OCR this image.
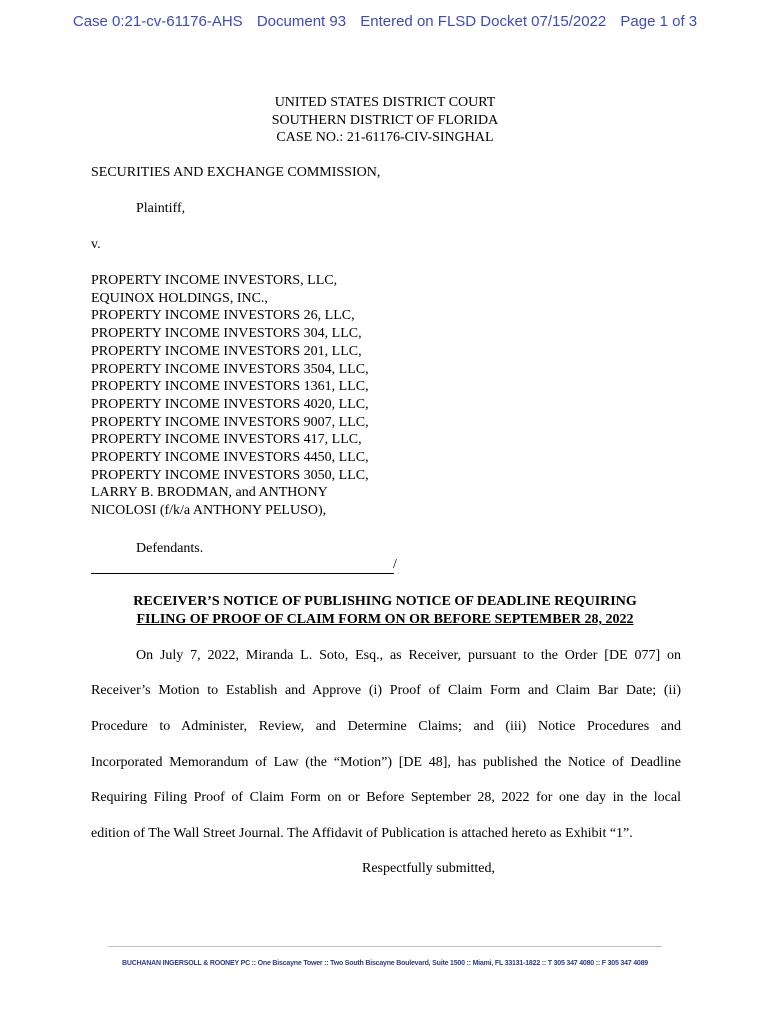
Case 0:21-cv-61176-AHS Document 93 Entered on FLSD Docket 07/15/2022 Page 1 of 3
UNITED STATES DISTRICT COURT
SOUTHERN DISTRICT OF FLORIDA
CASE NO.: 21-61176-CIV-SINGHAL
SECURITIES AND EXCHANGE COMMISSION,
Plaintiff,
v.
PROPERTY INCOME INVESTORS, LLC,
EQUINOX HOLDINGS, INC.,
PROPERTY INCOME INVESTORS 26, LLC,
PROPERTY INCOME INVESTORS 304, LLC,
PROPERTY INCOME INVESTORS 201, LLC,
PROPERTY INCOME INVESTORS 3504, LLC,
PROPERTY INCOME INVESTORS 1361, LLC,
PROPERTY INCOME INVESTORS 4020, LLC,
PROPERTY INCOME INVESTORS 9007, LLC,
PROPERTY INCOME INVESTORS 417, LLC,
PROPERTY INCOME INVESTORS 4450, LLC,
PROPERTY INCOME INVESTORS 3050, LLC,
LARRY B. BRODMAN, and ANTHONY
NICOLOSI (f/k/a ANTHONY PELUSO),
Defendants.
/
RECEIVER’S NOTICE OF PUBLISHING NOTICE OF DEADLINE REQUIRING
FILING OF PROOF OF CLAIM FORM ON OR BEFORE SEPTEMBER 28, 2022
On July 7, 2022, Miranda L. Soto, Esq., as Receiver, pursuant to the Order [DE 077] on
Receiver’s Motion to Establish and Approve (i) Proof of Claim Form and Claim Bar Date; (ii)
Procedure to Administer, Review, and Determine Claims; and (iii) Notice Procedures and
Incorporated Memorandum of Law (the “Motion”) [DE 48], has published the Notice of Deadline
Requiring Filing Proof of Claim Form on or Before September 28, 2022 for one day in the local
edition of The Wall Street Journal. The Affidavit of Publication is attached hereto as Exhibit “1”.
Respectfully submitted,
BUCHANAN INGERSOLL & ROONEY PC :: One Biscayne Tower :: Two South Biscayne Boulevard, Suite 1500 :: Miami, FL 33131-1822 :: T 305 347 4080 :: F 305 347 4089
